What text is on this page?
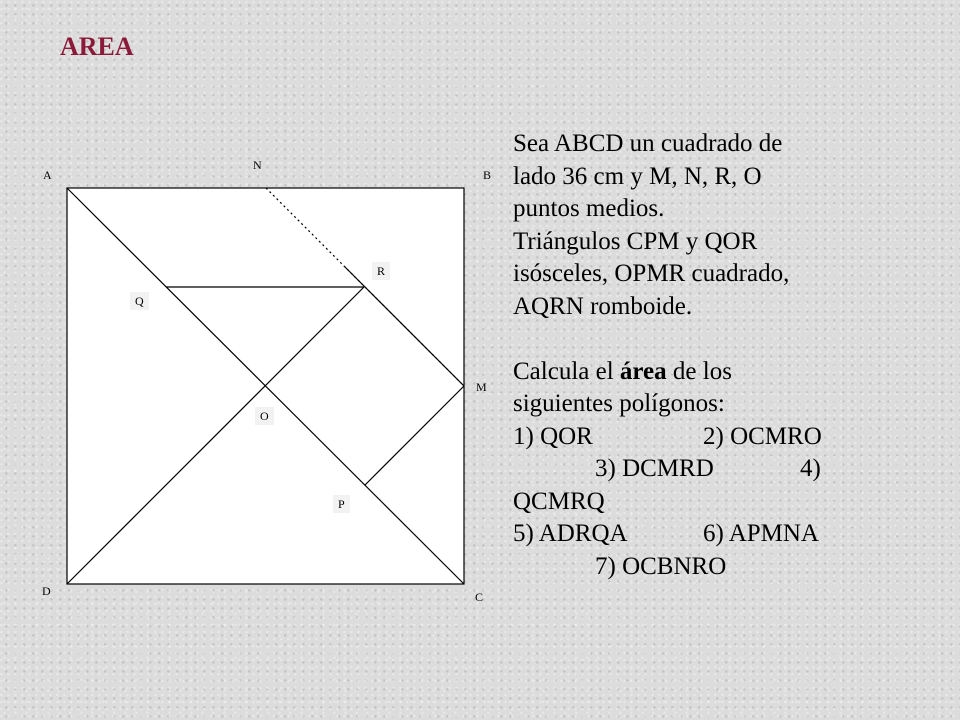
AREA
A
N
B
R
Q
M
O
P
D	C

Sea ABCD un cuadrado de

lado 36 cm y M, N, R, O

puntos medios.

Triángulos CPM y QOR

isósceles, OPMR cuadrado,

AQRN romboide.

Calcula el área de los

siguientes polígonos:

1) QOR	2) OCMRO

3) DCMRD	4)

QCMRQ

5) ADRQA	6) APMNA

7) OCBNRO
